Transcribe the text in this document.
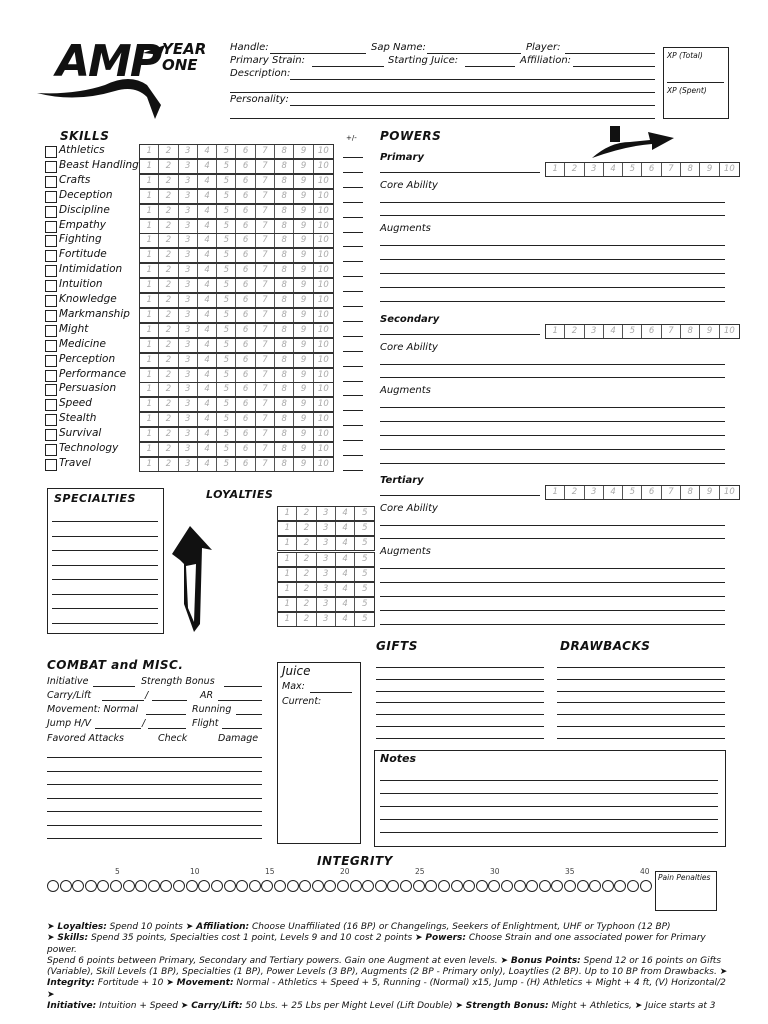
AMP YEAR
ONE
Handle:	Sap Name:	Player:
Primary Strain:	Starting Juice:	Affiliation:
Description:
Personality:
XP (Total)
XP (Spent)
SKILLS	+/-
Athletics	1	2	3	4	5	6	7	8	9	10
Beast Handling 1	2	3	4	5	6	7	8	9	10
Crafts	1	2	3	4	5	6	7	8	9	10
Deception	1	2	3	4	5	6	7	8	9	10
Discipline	1	2	3	4	5	6	7	8	9	10
Empathy	1	2	3	4	5	6	7	8	9	10
Fighting	1	2	3	4	5	6	7	8	9	10
Fortitude	1	2	3	4	5	6	7	8	9	10
Intimidation	1	2	3	4	5	6	7	8	9	10
Intuition	1	2	3	4	5	6	7	8	9	10
Knowledge	1	2	3	4	5	6	7	8	9	10
Markmanship	1	2	3	4	5	6	7	8	9	10
Might	1	2	3	4	5	6	7	8	9	10
Medicine	1	2	3	4	5	6	7	8	9	10
Perception	1	2	3	4	5	6	7	8	9	10
Performance	1	2	3	4	5	6	7	8	9	10
Persuasion	1	2	3	4	5	6	7	8	9	10
Speed	1	2	3	4	5	6	7	8	9	10
Stealth	1	2	3	4	5	6	7	8	9	10
Survival	1	2	3	4	5	6	7	8	9	10
Technology	1	2	3	4	5	6	7	8	9	10
Travel	1	2	3	4	5	6	7	8	9	10
POWERS
Primary
1	2	3	4	5	6	7	8	9	10
Core Ability
Augments
Secondary
1	2	3	4	5	6	7	8	9	10
Core Ability
Augments
Tertiary
1	2	3	4	5	6	7	8	9	10
Core Ability
Augments
SPECIALTIES	LOYALTIES
1	2	3	4	5
1	2	3	4	5
1	2	3	4	5
1	2	3	4	5
1	2	3	4	5
1	2	3	4	5
1	2	3	4	5
1	2	3	4	5
COMBAT and MISC.
Initiative	Strength Bonus
Carry/Lift	/	AR
Movement: Normal	Running
Jump H/V	/	Flight
Favored Attacks	Check	Damage
Juice
Max:
Current:
GIFTS	DRAWBACKS
Notes
INTEGRITY
5	10	15	20	25	30	35	40
Pain Penalties
➤ Loyalties: Spend 10 points ➤ Affiliation: Choose Unaffiliated (16 BP) or Changelings, Seekers of Enlightment, UHF or Typhoon (12 BP)
➤ Skills: Spend 35 points, Specialties cost 1 point, Levels 9 and 10 cost 2 points ➤ Powers: Choose Strain and one associated power for Primary power.
Spend 6 points between Primary, Secondary and Tertiary powers. Gain one Augment at even levels. ➤ Bonus Points: Spend 12 or 16 points on Gifts
(Variable), Skill Levels (1 BP), Specialties (1 BP), Power Levels (3 BP), Augments (2 BP - Primary only), Loaytlies (2 BP). Up to 10 BP from Drawbacks. ➤
Integrity: Fortitude + 10 ➤ Movement: Normal - Athletics + Speed + 5, Running - (Normal) x15, Jump - (H) Athletics + Might + 4 ft, (V) Horizontal/2 ➤
Initiative: Intuition + Speed ➤ Carry/Lift: 50 Lbs. + 25 Lbs per Might Level (Lift Double) ➤ Strength Bonus: Might + Athletics, ➤ Juice starts at 3
